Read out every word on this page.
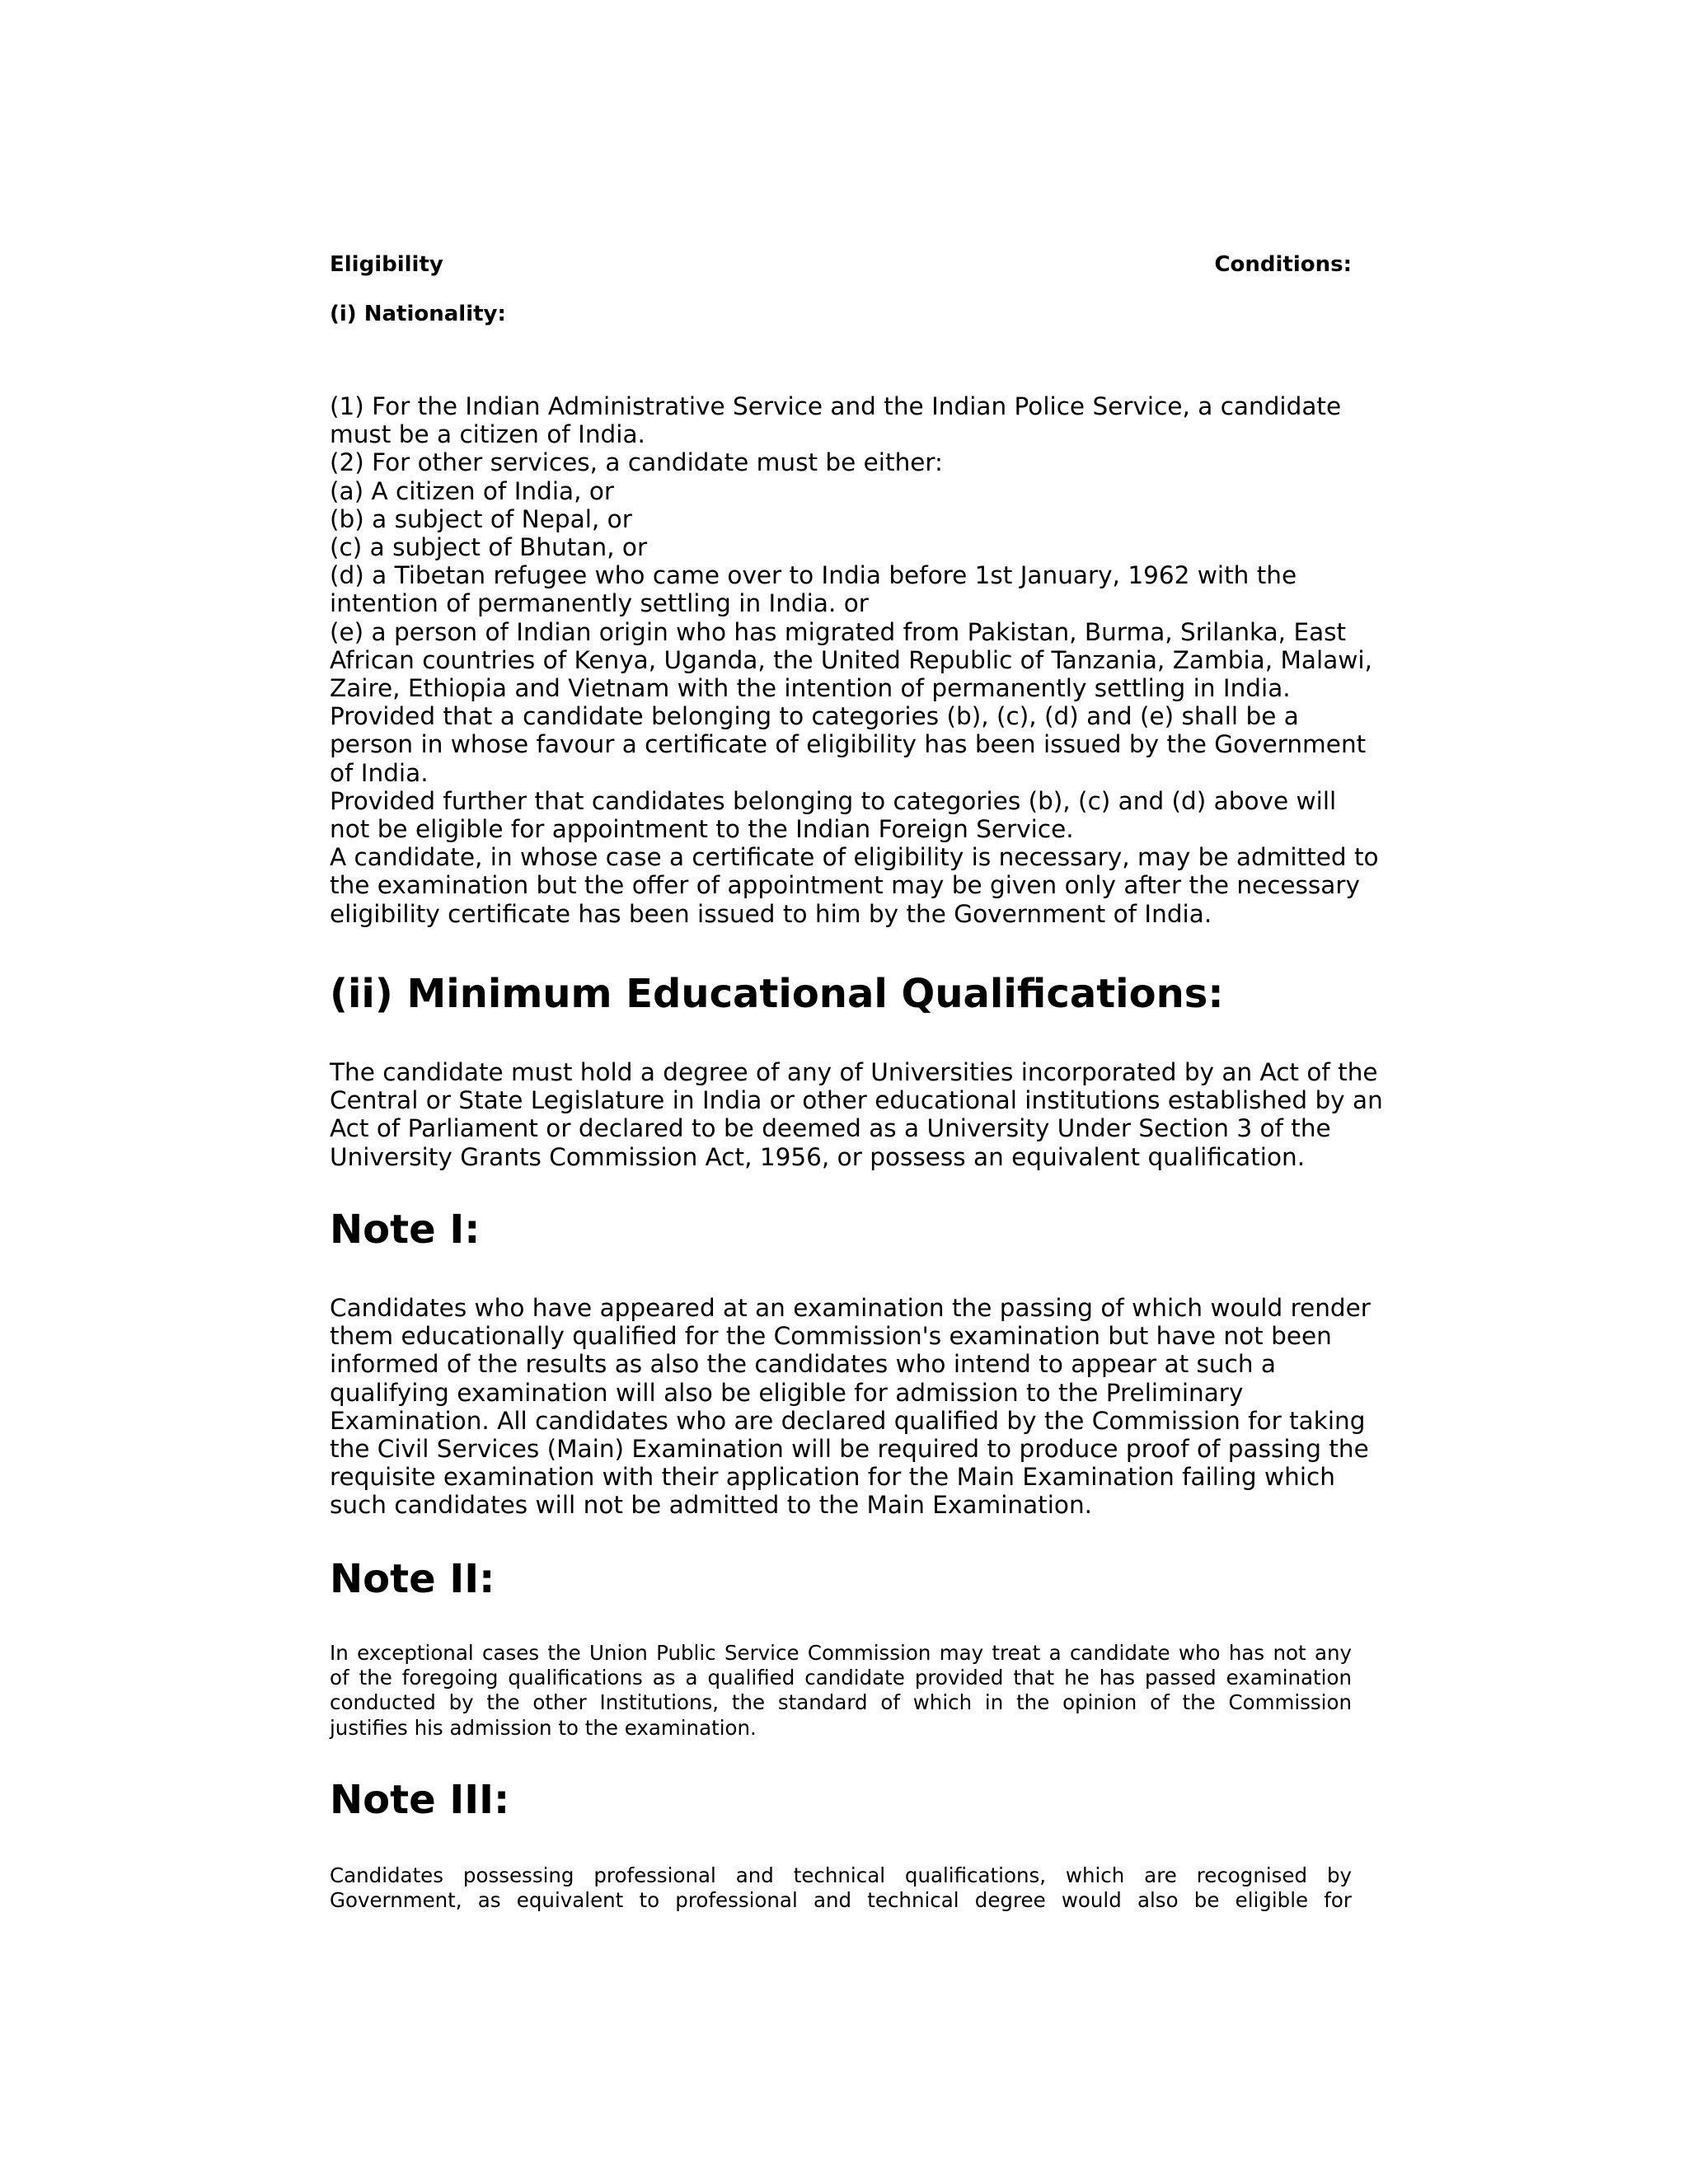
Eligibility	Conditions:
(i) Nationality:
(1) For the Indian Administrative Service and the Indian Police Service, a candidate
must be a citizen of India.
(2) For other services, a candidate must be either:
(a) A citizen of India, or
(b) a subject of Nepal, or
(c) a subject of Bhutan, or
(d) a Tibetan refugee who came over to India before 1st January, 1962 with the
intention of permanently settling in India. or
(e) a person of Indian origin who has migrated from Pakistan, Burma, Srilanka, East
African countries of Kenya, Uganda, the United Republic of Tanzania, Zambia, Malawi,
Zaire, Ethiopia and Vietnam with the intention of permanently settling in India.
Provided that a candidate belonging to categories (b), (c), (d) and (e) shall be a
person in whose favour a certificate of eligibility has been issued by the Government
of India.
Provided further that candidates belonging to categories (b), (c) and (d) above will
not be eligible for appointment to the Indian Foreign Service.
A candidate, in whose case a certificate of eligibility is necessary, may be admitted to
the examination but the offer of appointment may be given only after the necessary
eligibility certificate has been issued to him by the Government of India.
(ii) Minimum Educational Qualifications:
The candidate must hold a degree of any of Universities incorporated by an Act of the
Central or State Legislature in India or other educational institutions established by an
Act of Parliament or declared to be deemed as a University Under Section 3 of the
University Grants Commission Act, 1956, or possess an equivalent qualification.
Note I:
Candidates who have appeared at an examination the passing of which would render
them educationally qualified for the Commission's examination but have not been
informed of the results as also the candidates who intend to appear at such a
qualifying examination will also be eligible for admission to the Preliminary
Examination. All candidates who are declared qualified by the Commission for taking
the Civil Services (Main) Examination will be required to produce proof of passing the
requisite examination with their application for the Main Examination failing which
such candidates will not be admitted to the Main Examination.
Note II:
In exceptional cases the Union Public Service Commission may treat a candidate who has not any
of the foregoing qualifications as a qualified candidate provided that he has passed examination
conducted by the other Institutions, the standard of which in the opinion of the Commission
justifies his admission to the examination.
Note III:
Candidates possessing professional and technical qualifications, which are recognised by
Government, as equivalent to professional and technical degree would also be eligible for
